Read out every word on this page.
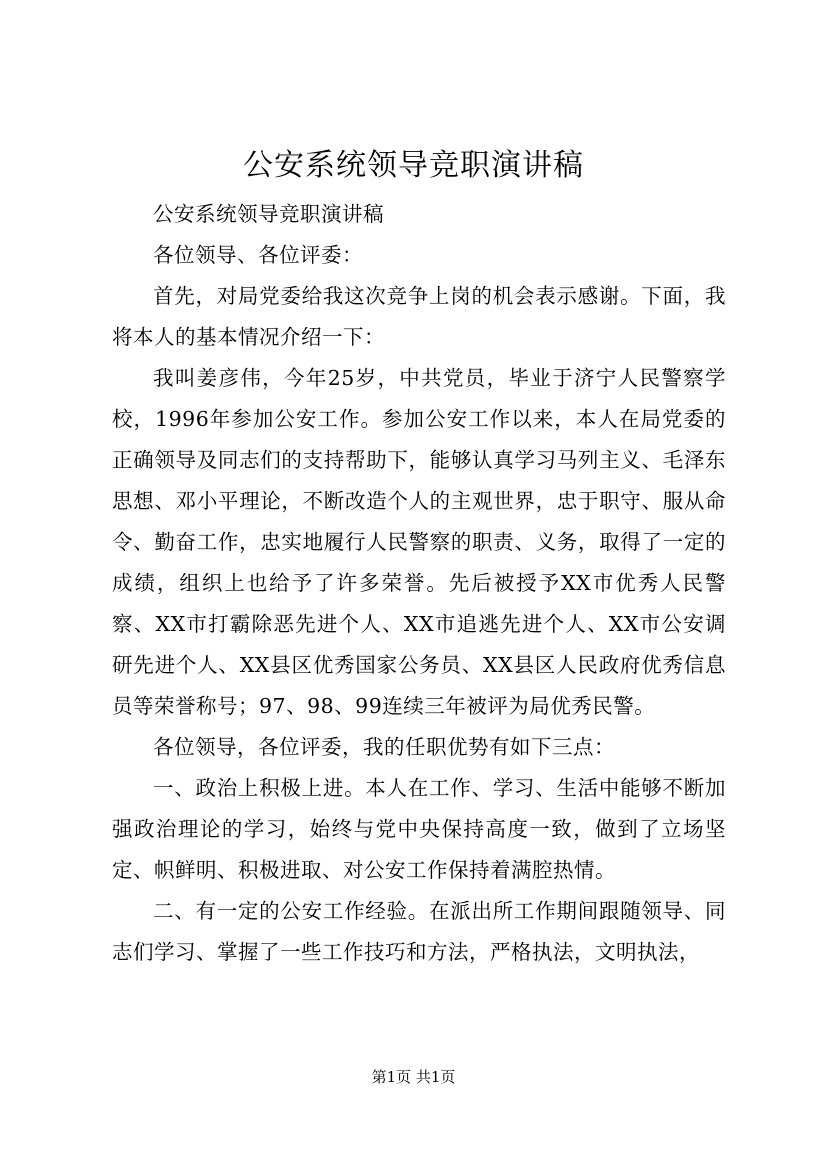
公安系统领导竞职演讲稿

公安系统领导竞职演讲稿

各位领导、各位评委：

首先，对局党委给我这次竞争上岗的机会表示感谢。下面，我将本人的基本情况介绍一下：

我叫姜彦伟，今年25岁，中共党员，毕业于济宁人民警察学校，1996年参加公安工作。参加公安工作以来，本人在局党委的正确领导及同志们的支持帮助下，能够认真学习马列主义、毛泽东思想、邓小平理论，不断改造个人的主观世界，忠于职守、服从命令、勤奋工作，忠实地履行人民警察的职责、义务，取得了一定的成绩，组织上也给予了许多荣誉。先后被授予XX市优秀人民警察、XX市打霸除恶先进个人、XX市追逃先进个人、XX市公安调研先进个人、XX县区优秀国家公务员、XX县区人民政府优秀信息员等荣誉称号；97、98、99连续三年被评为局优秀民警。

各位领导，各位评委，我的任职优势有如下三点：

一、政治上积极上进。本人在工作、学习、生活中能够不断加强政治理论的学习，始终与党中央保持高度一致，做到了立场坚定、帜鲜明、积极进取、对公安工作保持着满腔热情。

二、有一定的公安工作经验。在派出所工作期间跟随领导、同志们学习、掌握了一些工作技巧和方法，严格执法，文明执法，

第1页 共1页
